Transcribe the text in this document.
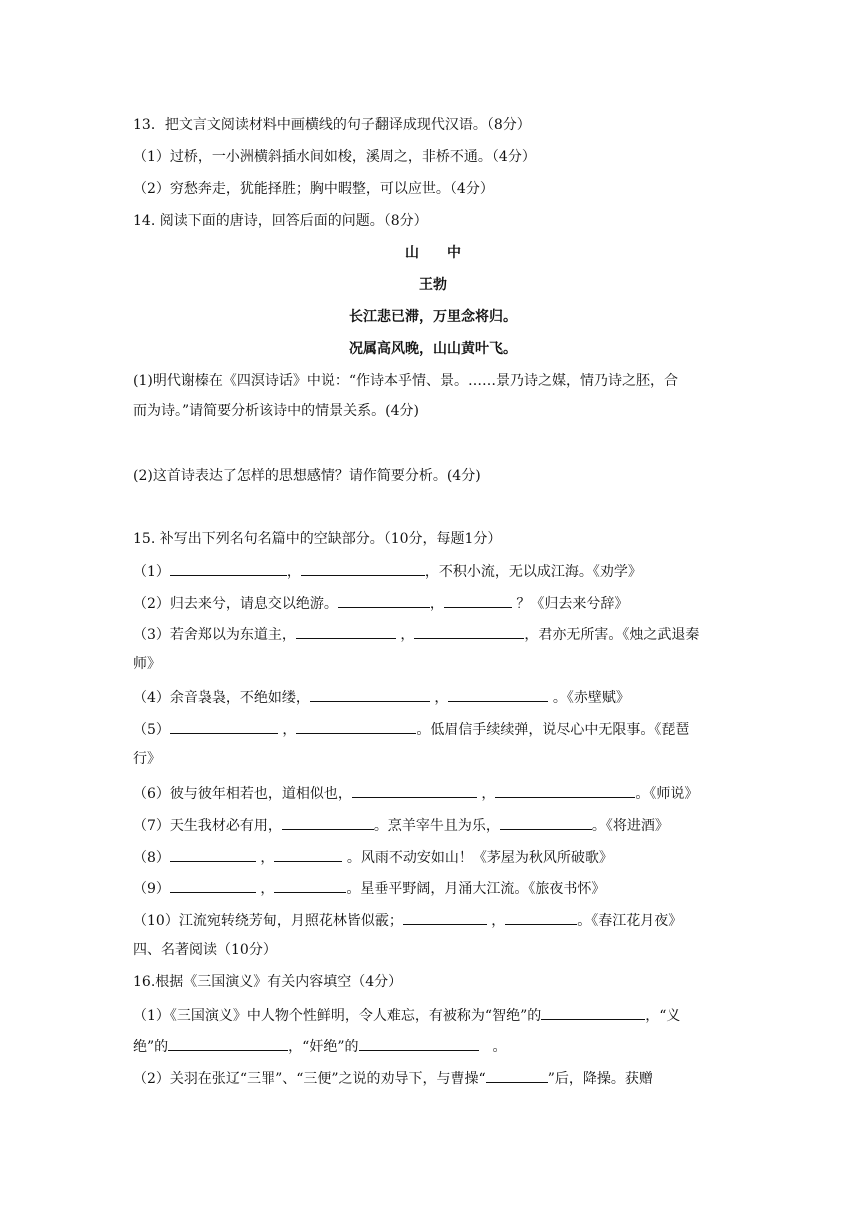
13．把文言文阅读材料中画横线的句子翻译成现代汉语。（8分）
（1）过桥，一小洲横斜插水间如梭，溪周之，非桥不通。（4分）
（2）穷愁奔走，犹能择胜；胸中暇整，可以应世。（4分）
14. 阅读下面的唐诗，回答后面的问题。（8分）
山　　中
王勃
长江悲已滞，万里念将归。
况属高风晚，山山黄叶飞。
(1)明代谢榛在《四溟诗话》中说：“作诗本乎情、景。……景乃诗之媒，情乃诗之胚，合
而为诗。”请简要分析该诗中的情景关系。(4分)
(2)这首诗表达了怎样的思想感情？请作简要分析。(4分)
15. 补写出下列名句名篇中的空缺部分。（10分，每题1分）
（1）	，	，不积小流，无以成江海。《劝学》
（2）归去来兮，请息交以绝游。	，	？《归去来兮辞》
（3）若舍郑以为东道主，	，	，君亦无所害。《烛之武退秦
师》
（4）余音袅袅，不绝如缕，	，	。《赤壁赋》
（5）	，	。低眉信手续续弹，说尽心中无限事。《琵琶
行》
（6）彼与彼年相若也，道相似也，	，	。《师说》
（7）天生我材必有用，	。烹羊宰牛且为乐，	。《将进酒》
（8）	，	。风雨不动安如山！《茅屋为秋风所破歌》
（9）	，	。星垂平野阔，月涌大江流。《旅夜书怀》
（10）江流宛转绕芳甸，月照花林皆似霰；	，	。《春江花月夜》
四、名著阅读（10分）
16.根据《三国演义》有关内容填空（4分）
（1）《三国演义》中人物个性鲜明，令人难忘，有被称为“智绝”的	，“义
绝”的	，“奸绝”的	　。
（2）关羽在张辽“三罪”、“三便”之说的劝导下，与曹操“	”后，降操。获赠
